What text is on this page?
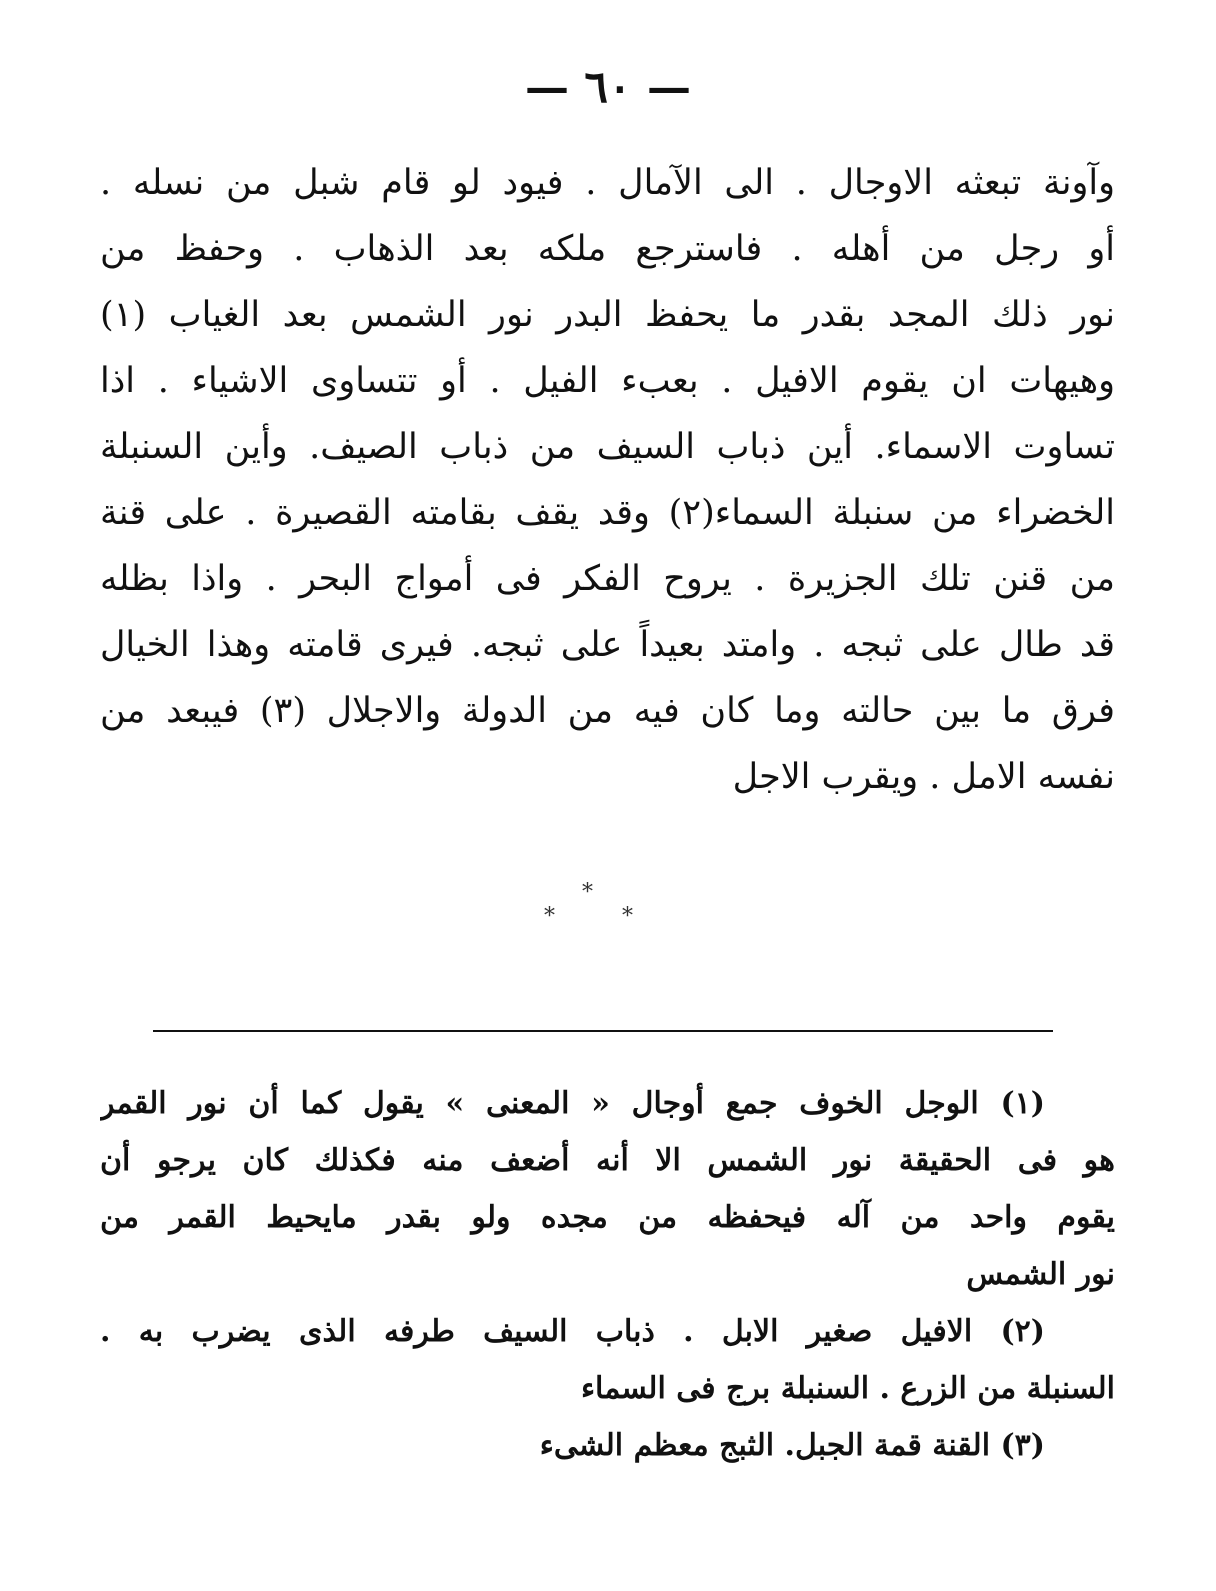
— ٦٠ —
وآونة تبعثه الاوجال . الى الآمال . فيود لو قام شبل من نسله .
أو رجل من أهله . فاسترجع ملكه بعد الذهاب . وحفظ من
نور ذلك المجد بقدر ما يحفظ البدر نور الشمس بعد الغياب (١)
وهيهات ان يقوم الافيل . بعبء الفيل . أو تتساوى الاشياء . اذا
تساوت الاسماء. أين ذباب السيف من ذباب الصيف. وأين السنبلة
الخضراء من سنبلة السماء(٢) وقد يقف بقامته القصيرة . على قنة
من قنن تلك الجزيرة . يروح الفكر فى أمواج البحر . واذا بظله
قد طال على ثبجه . وامتد بعيداً على ثبجه. فيرى قامته وهذا الخيال
فرق ما بين حالته وما كان فيه من الدولة والاجلال (٣) فيبعد من
نفسه الامل . ويقرب الاجل
*
*	*
(١) الوجل الخوف جمع أوجال « المعنى » يقول كما أن نور القمر
هو فى الحقيقة نور الشمس الا أنه أضعف منه فكذلك كان يرجو أن
يقوم واحد من آله فيحفظه من مجده ولو بقدر مايحيط القمر من
نور الشمس
(٢) الافيل صغير الابل . ذباب السيف طرفه الذى يضرب به .
السنبلة من الزرع . السنبلة برج فى السماء
(٣) القنة قمة الجبل. الثبج معظم الشىء
